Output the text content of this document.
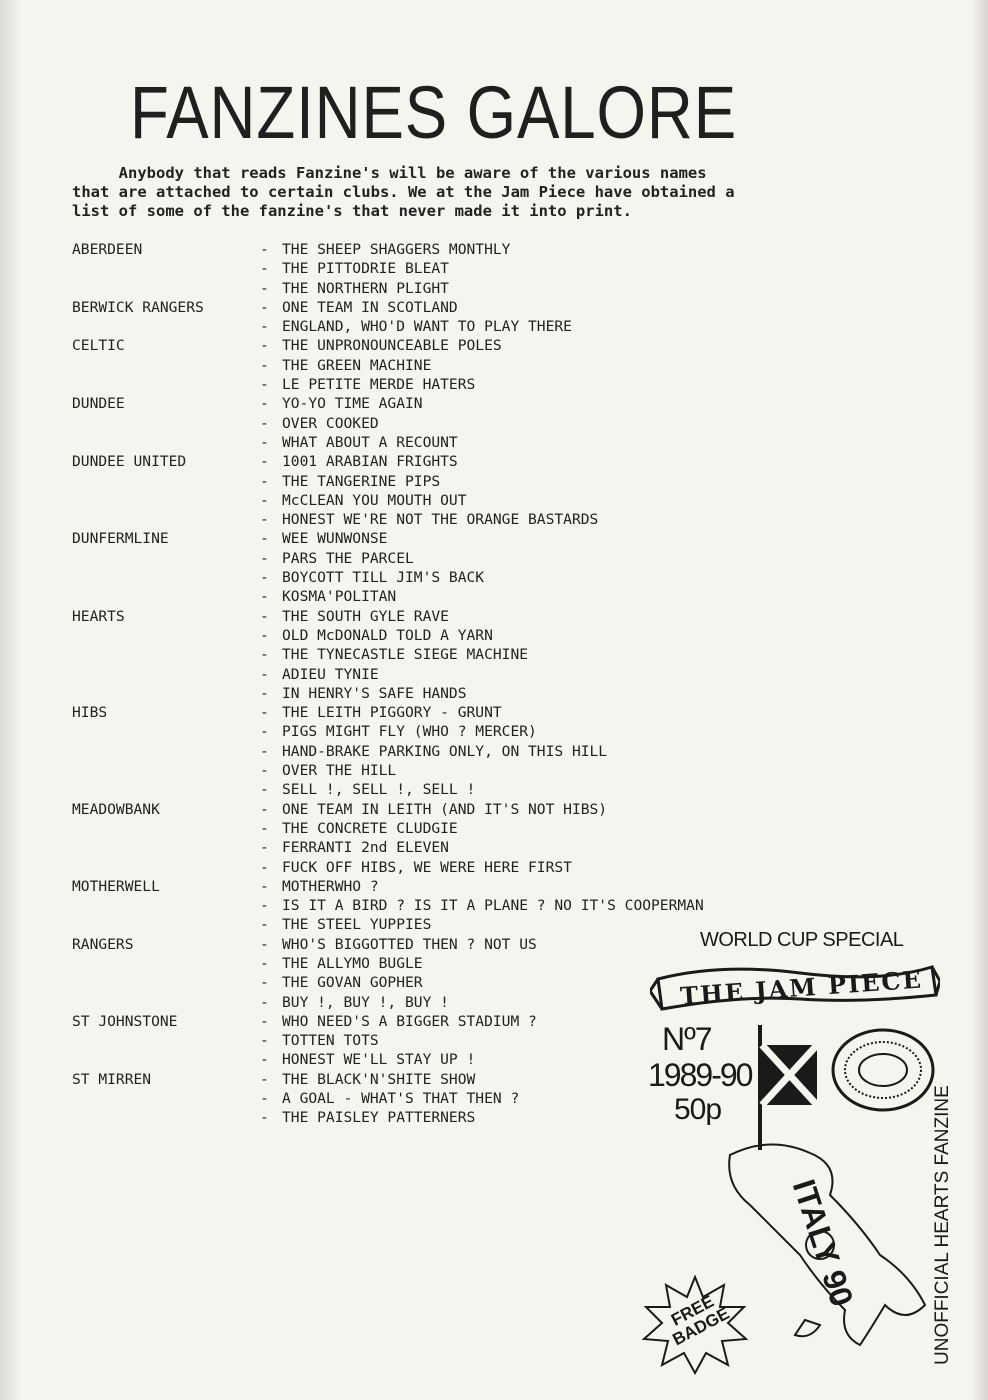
FANZINES GALORE
Anybody that reads Fanzine's will be aware of the various names
that are attached to certain clubs. We at the Jam Piece have obtained a
list of some of the fanzine's that never made it into print.
ABERDEEN	- THE SHEEP SHAGGERS MONTHLY
- THE PITTODRIE BLEAT
- THE NORTHERN PLIGHT
BERWICK RANGERS	- ONE TEAM IN SCOTLAND
- ENGLAND, WHO'D WANT TO PLAY THERE
CELTIC	- THE UNPRONOUNCEABLE POLES
- THE GREEN MACHINE
- LE PETITE MERDE HATERS
DUNDEE	- YO-YO TIME AGAIN
- OVER COOKED
- WHAT ABOUT A RECOUNT
DUNDEE UNITED	- 1001 ARABIAN FRIGHTS
- THE TANGERINE PIPS
- McCLEAN YOU MOUTH OUT
- HONEST WE'RE NOT THE ORANGE BASTARDS
DUNFERMLINE	- WEE WUNWONSE
- PARS THE PARCEL
- BOYCOTT TILL JIM'S BACK
- KOSMA'POLITAN
HEARTS	- THE SOUTH GYLE RAVE
- OLD McDONALD TOLD A YARN
- THE TYNECASTLE SIEGE MACHINE
- ADIEU TYNIE
- IN HENRY'S SAFE HANDS
HIBS	- THE LEITH PIGGORY - GRUNT
- PIGS MIGHT FLY (WHO ? MERCER)
- HAND-BRAKE PARKING ONLY, ON THIS HILL
- OVER THE HILL
- SELL !, SELL !, SELL !
MEADOWBANK	- ONE TEAM IN LEITH (AND IT'S NOT HIBS)
- THE CONCRETE CLUDGIE
- FERRANTI 2nd ELEVEN
- FUCK OFF HIBS, WE WERE HERE FIRST
MOTHERWELL	- MOTHERWHO ?
- IS IT A BIRD ? IS IT A PLANE ? NO IT'S COOPERMAN
- THE STEEL YUPPIES
RANGERS	- WHO'S BIGGOTTED THEN ? NOT US
- THE ALLYMO BUGLE
- THE GOVAN GOPHER
- BUY !, BUY !, BUY !
ST JOHNSTONE	- WHO NEED'S A BIGGER STADIUM ?
- TOTTEN TOTS
- HONEST WE'LL STAY UP !
ST MIRREN	- THE BLACK'N'SHITE SHOW
- A GOAL - WHAT'S THAT THEN ?
- THE PAISLEY PATTERNERS
WORLD CUP SPECIAL
THE JAM PIECE
Nº7
1989-90
50p
ITALY 90
FREE BADGE	UNOFFICIAL HEARTS FANZINE
